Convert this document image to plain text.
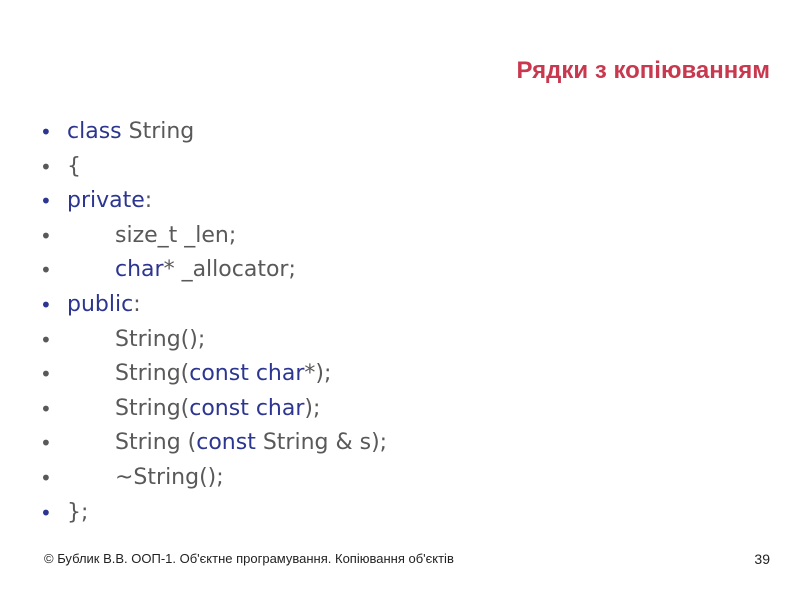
Рядки з копіюванням
• class String
• {
• private:
•	size_t _len;
•	char* _allocator;
• public:
•	String();
•	String(const char*);
•	String(const char);
•	String (const String & s);
•	~String();
• };
© Бублик В.В. ООП-1. Об'єктне програмування. Копіювання об'єктів	39
